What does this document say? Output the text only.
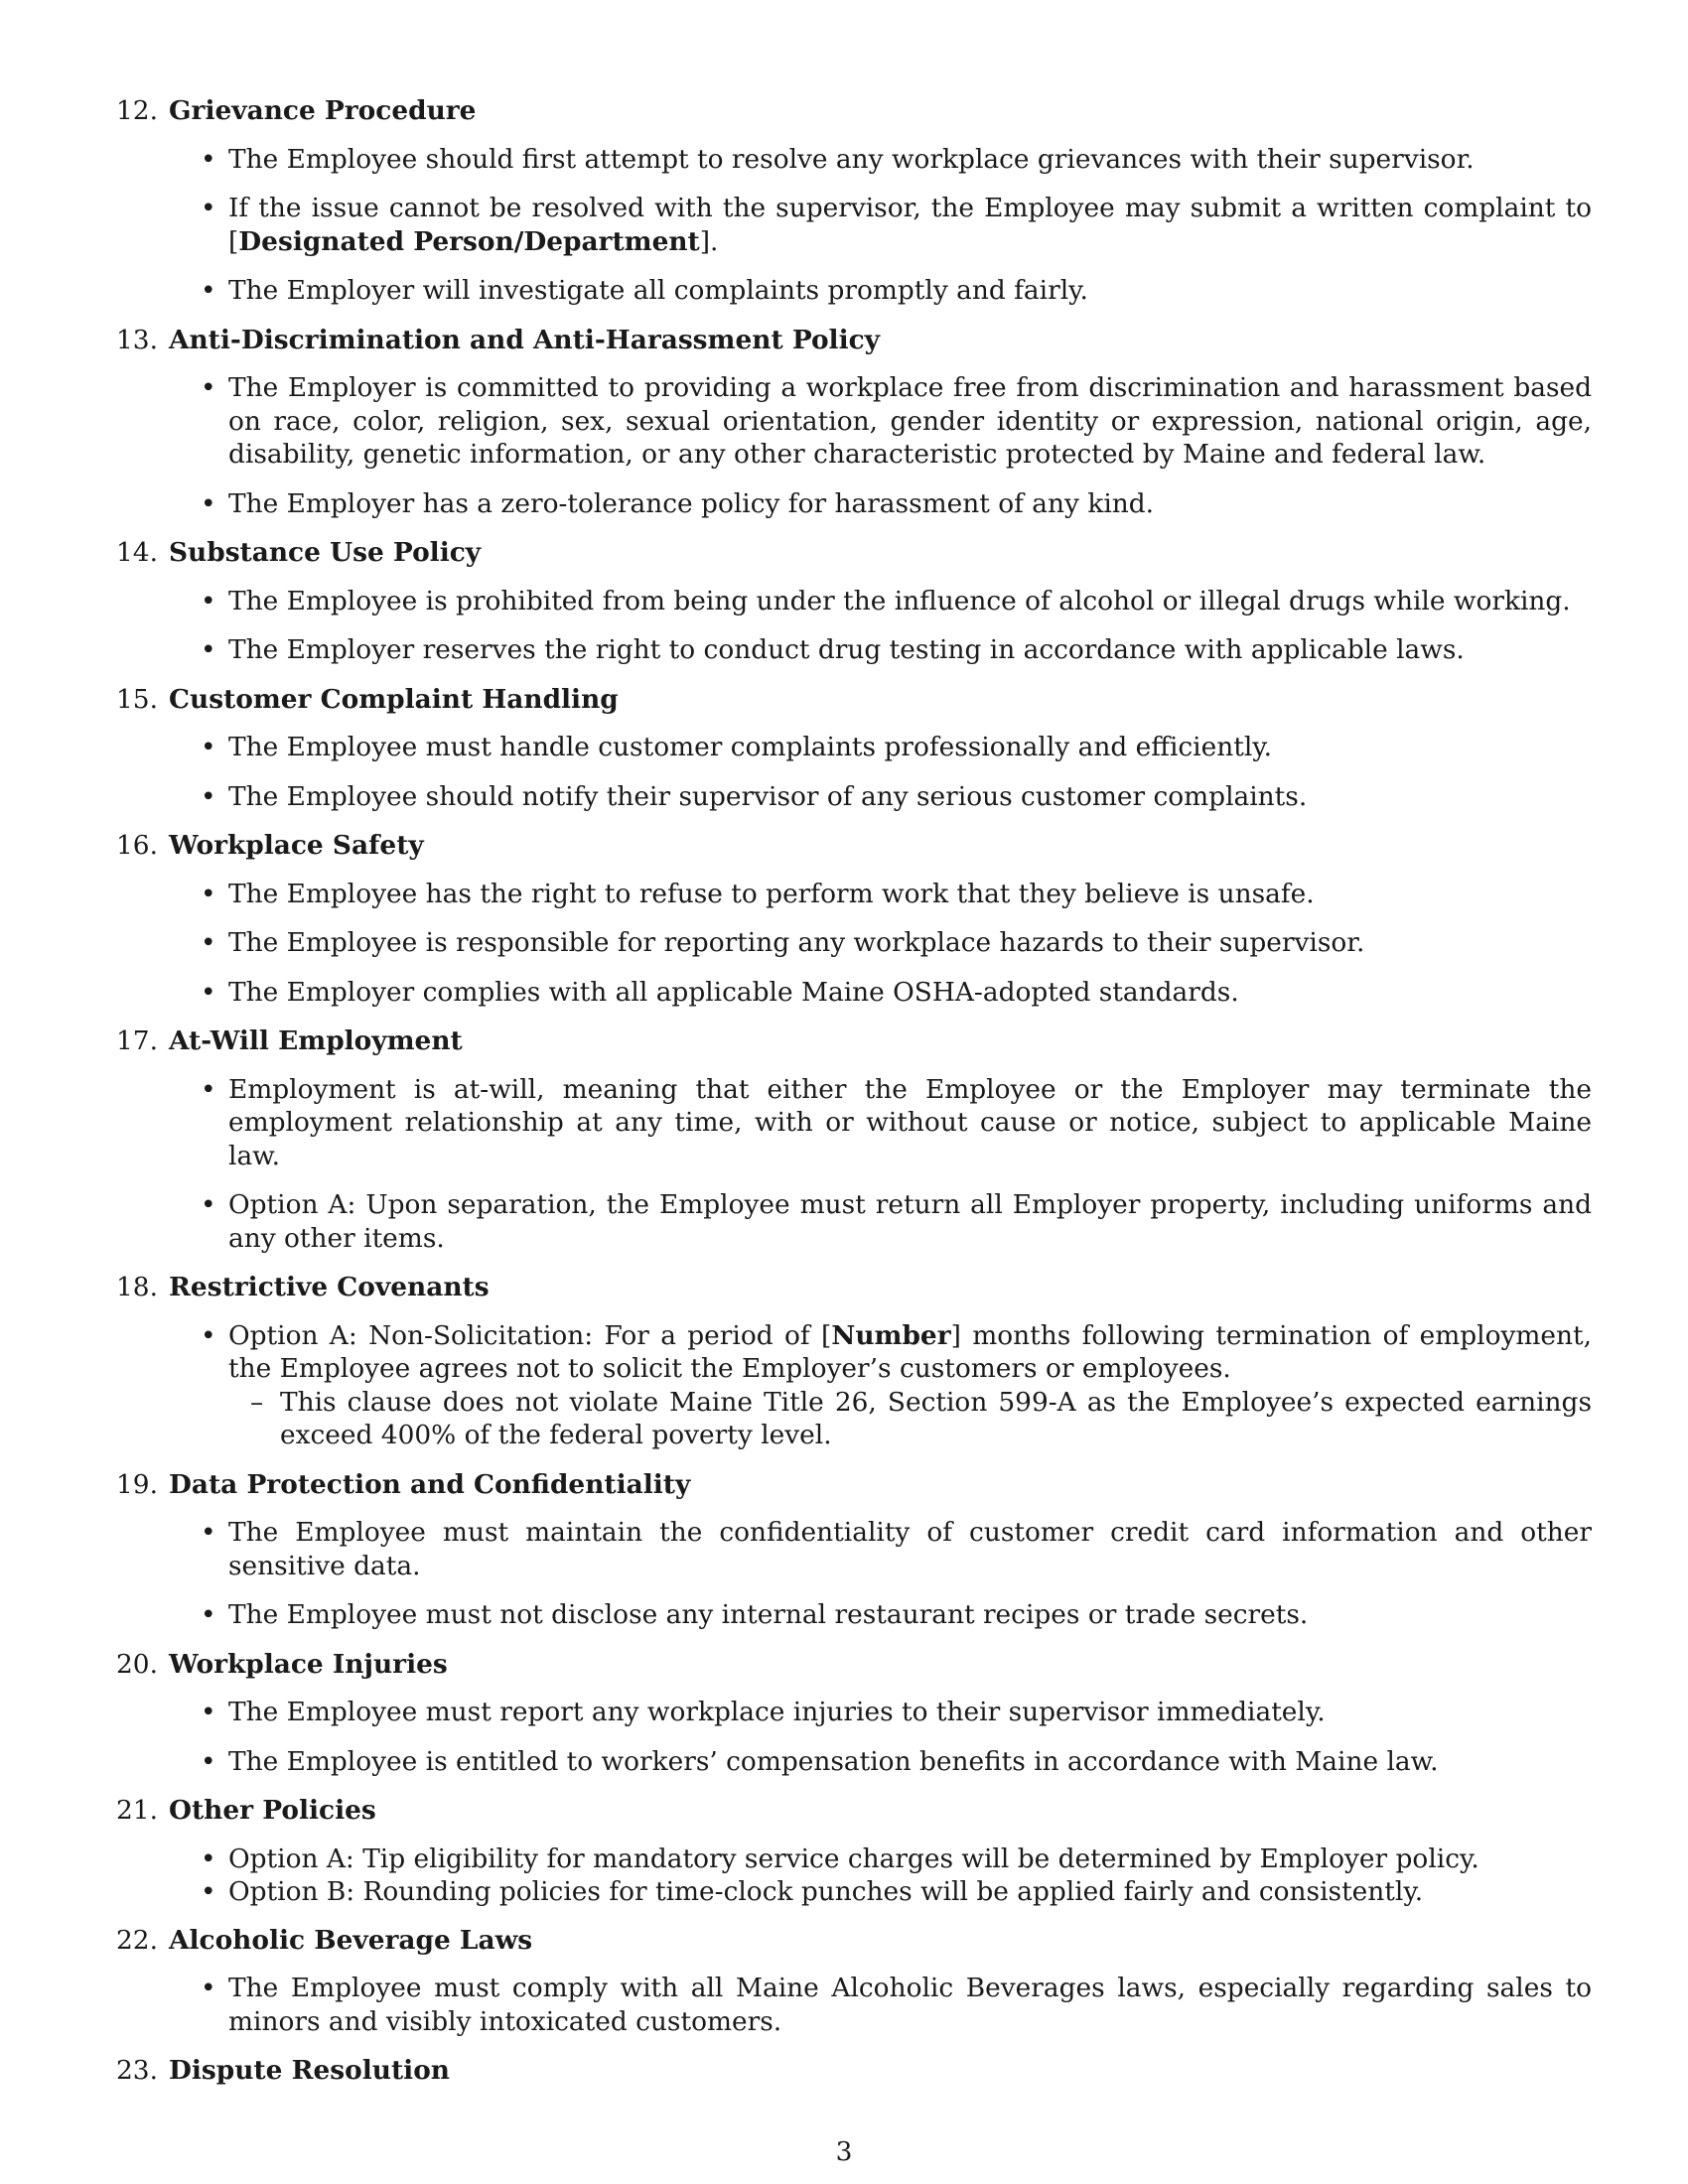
12. Grievance Procedure
• The Employee should first attempt to resolve any workplace grievances with their supervisor.
• If the issue cannot be resolved with the supervisor, the Employee may submit a written complaint to [Designated Person/Department].
• The Employer will investigate all complaints promptly and fairly.
13. Anti-Discrimination and Anti-Harassment Policy
• The Employer is committed to providing a workplace free from discrimination and harassment based on race, color, religion, sex, sexual orientation, gender identity or expression, national origin, age, disability, genetic information, or any other characteristic protected by Maine and federal law.
• The Employer has a zero-tolerance policy for harassment of any kind.
14. Substance Use Policy
• The Employee is prohibited from being under the influence of alcohol or illegal drugs while working.
• The Employer reserves the right to conduct drug testing in accordance with applicable laws.
15. Customer Complaint Handling
• The Employee must handle customer complaints professionally and efficiently.
• The Employee should notify their supervisor of any serious customer complaints.
16. Workplace Safety
• The Employee has the right to refuse to perform work that they believe is unsafe.
• The Employee is responsible for reporting any workplace hazards to their supervisor.
• The Employer complies with all applicable Maine OSHA-adopted standards.
17. At-Will Employment
• Employment is at-will, meaning that either the Employee or the Employer may terminate the employment relationship at any time, with or without cause or notice, subject to applicable Maine law.
• Option A: Upon separation, the Employee must return all Employer property, including uniforms and any other items.
18. Restrictive Covenants
• Option A: Non-Solicitation: For a period of [Number] months following termination of employment, the Employee agrees not to solicit the Employer’s customers or employees.
– This clause does not violate Maine Title 26, Section 599-A as the Employee’s expected earnings exceed 400% of the federal poverty level.
19. Data Protection and Confidentiality
• The Employee must maintain the confidentiality of customer credit card information and other sensitive data.
• The Employee must not disclose any internal restaurant recipes or trade secrets.
20. Workplace Injuries
• The Employee must report any workplace injuries to their supervisor immediately.
• The Employee is entitled to workers’ compensation benefits in accordance with Maine law.
21. Other Policies
• Option A: Tip eligibility for mandatory service charges will be determined by Employer policy.
• Option B: Rounding policies for time-clock punches will be applied fairly and consistently.
22. Alcoholic Beverage Laws
• The Employee must comply with all Maine Alcoholic Beverages laws, especially regarding sales to minors and visibly intoxicated customers.
23. Dispute Resolution
3
